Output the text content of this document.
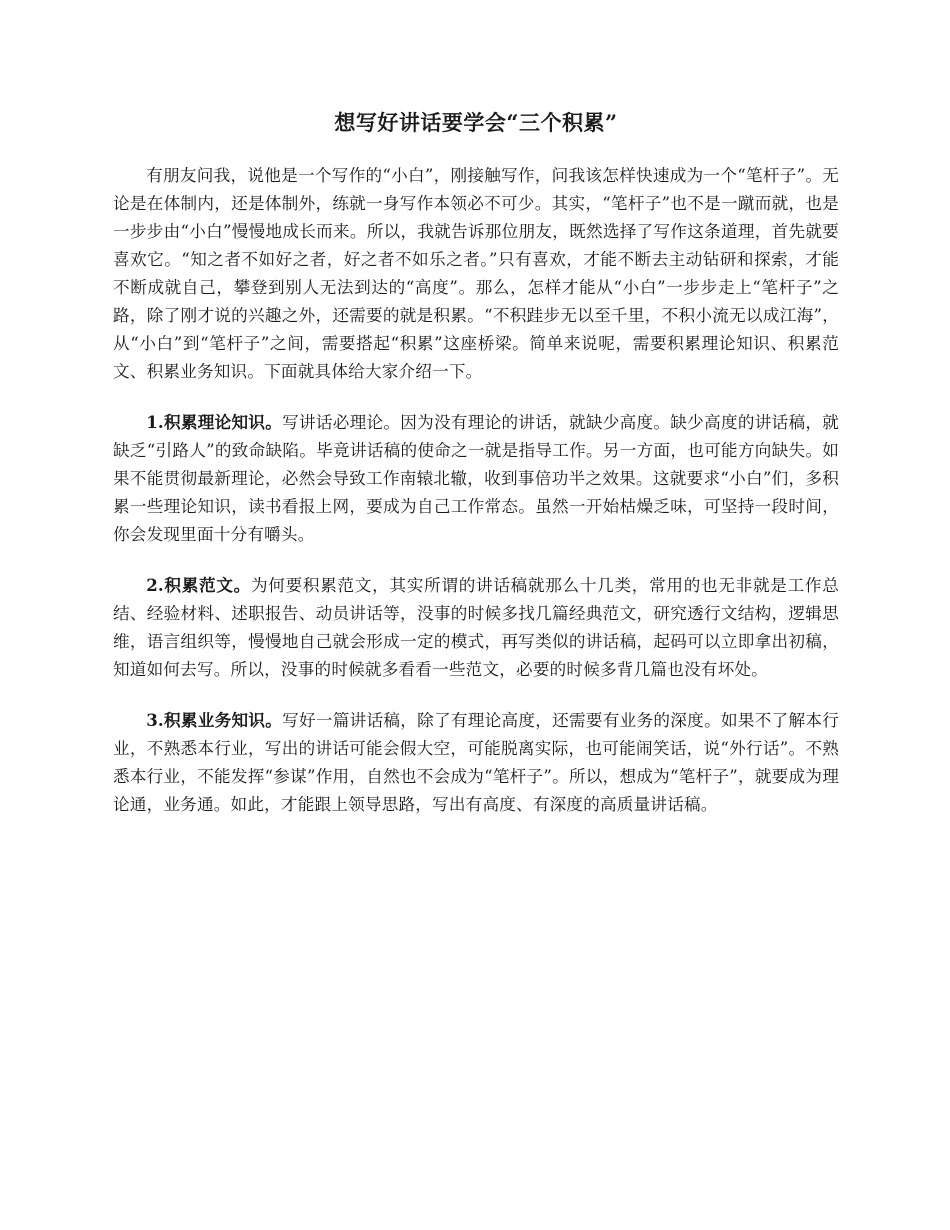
想写好讲话要学会“三个积累”

有朋友问我，说他是一个写作的“小白”，刚接触写作，问我该怎样快速成为一个“笔杆子”。无论是在体制内，还是体制外，练就一身写作本领必不可少。其实，“笔杆子”也不是一蹴而就，也是一步步由“小白”慢慢地成长而来。所以，我就告诉那位朋友，既然选择了写作这条道理，首先就要喜欢它。“知之者不如好之者，好之者不如乐之者。”只有喜欢，才能不断去主动钻研和探索，才能不断成就自己，攀登到别人无法到达的“高度”。那么，怎样才能从“小白”一步步走上“笔杆子”之路，除了刚才说的兴趣之外，还需要的就是积累。“不积跬步无以至千里，不积小流无以成江海”，从“小白”到“笔杆子”之间，需要搭起“积累”这座桥梁。简单来说呢，需要积累理论知识、积累范文、积累业务知识。下面就具体给大家介绍一下。

1.积累理论知识。写讲话必理论。因为没有理论的讲话，就缺少高度。缺少高度的讲话稿，就缺乏“引路人”的致命缺陷。毕竟讲话稿的使命之一就是指导工作。另一方面，也可能方向缺失。如果不能贯彻最新理论，必然会导致工作南辕北辙，收到事倍功半之效果。这就要求“小白”们，多积累一些理论知识，读书看报上网，要成为自己工作常态。虽然一开始枯燥乏味，可坚持一段时间，你会发现里面十分有嚼头。

2.积累范文。为何要积累范文，其实所谓的讲话稿就那么十几类，常用的也无非就是工作总结、经验材料、述职报告、动员讲话等，没事的时候多找几篇经典范文，研究透行文结构，逻辑思维，语言组织等，慢慢地自己就会形成一定的模式，再写类似的讲话稿，起码可以立即拿出初稿，知道如何去写。所以，没事的时候就多看看一些范文，必要的时候多背几篇也没有坏处。

3.积累业务知识。写好一篇讲话稿，除了有理论高度，还需要有业务的深度。如果不了解本行业，不熟悉本行业，写出的讲话可能会假大空，可能脱离实际，也可能闹笑话，说“外行话”。不熟悉本行业，不能发挥“参谋”作用，自然也不会成为“笔杆子”。所以，想成为“笔杆子”，就要成为理论通，业务通。如此，才能跟上领导思路，写出有高度、有深度的高质量讲话稿。
